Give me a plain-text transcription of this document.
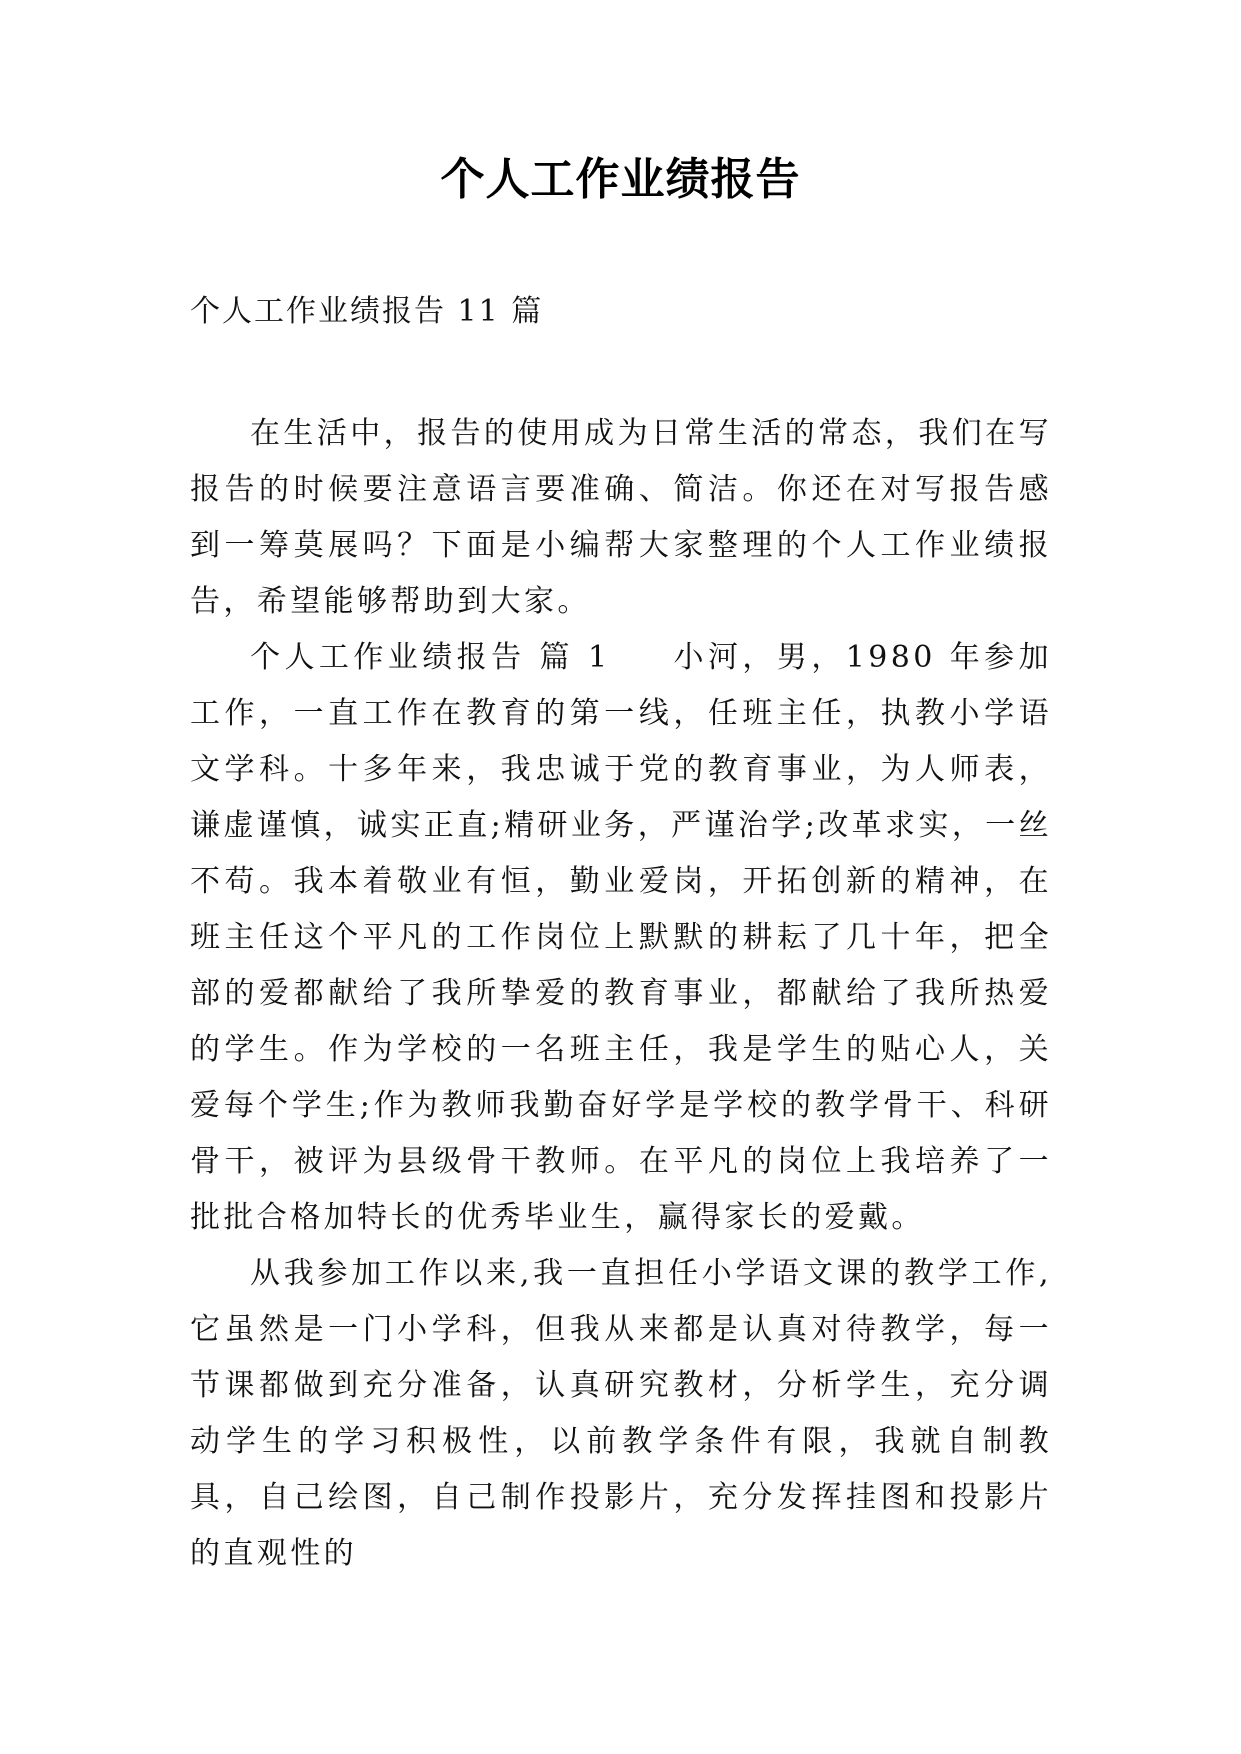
个人工作业绩报告
个人工作业绩报告 11 篇

在生活中，报告的使用成为日常生活的常态，我们在写报告的时候要注意语言要准确、简洁。你还在对写报告感到一筹莫展吗？下面是小编帮大家整理的个人工作业绩报告，希望能够帮助到大家。

个人工作业绩报告 篇 1 小河，男，1980 年参加工作，一直工作在教育的第一线，任班主任，执教小学语文学科。十多年来，我忠诚于党的教育事业，为人师表，谦虚谨慎，诚实正直;精研业务，严谨治学;改革求实，一丝不苟。我本着敬业有恒，勤业爱岗，开拓创新的精神，在班主任这个平凡的工作岗位上默默的耕耘了几十年，把全部的爱都献给了我所挚爱的教育事业，都献给了我所热爱的学生。作为学校的一名班主任，我是学生的贴心人，关爱每个学生;作为教师我勤奋好学是学校的教学骨干、科研骨干，被评为县级骨干教师。在平凡的岗位上我培养了一批批合格加特长的优秀毕业生，赢得家长的爱戴。

从我参加工作以来,我一直担任小学语文课的教学工作,它虽然是一门小学科，但我从来都是认真对待教学，每一节课都做到充分准备，认真研究教材，分析学生，充分调动学生的学习积极性，以前教学条件有限，我就自制教具，自己绘图，自己制作投影片，充分发挥挂图和投影片的直观性的
